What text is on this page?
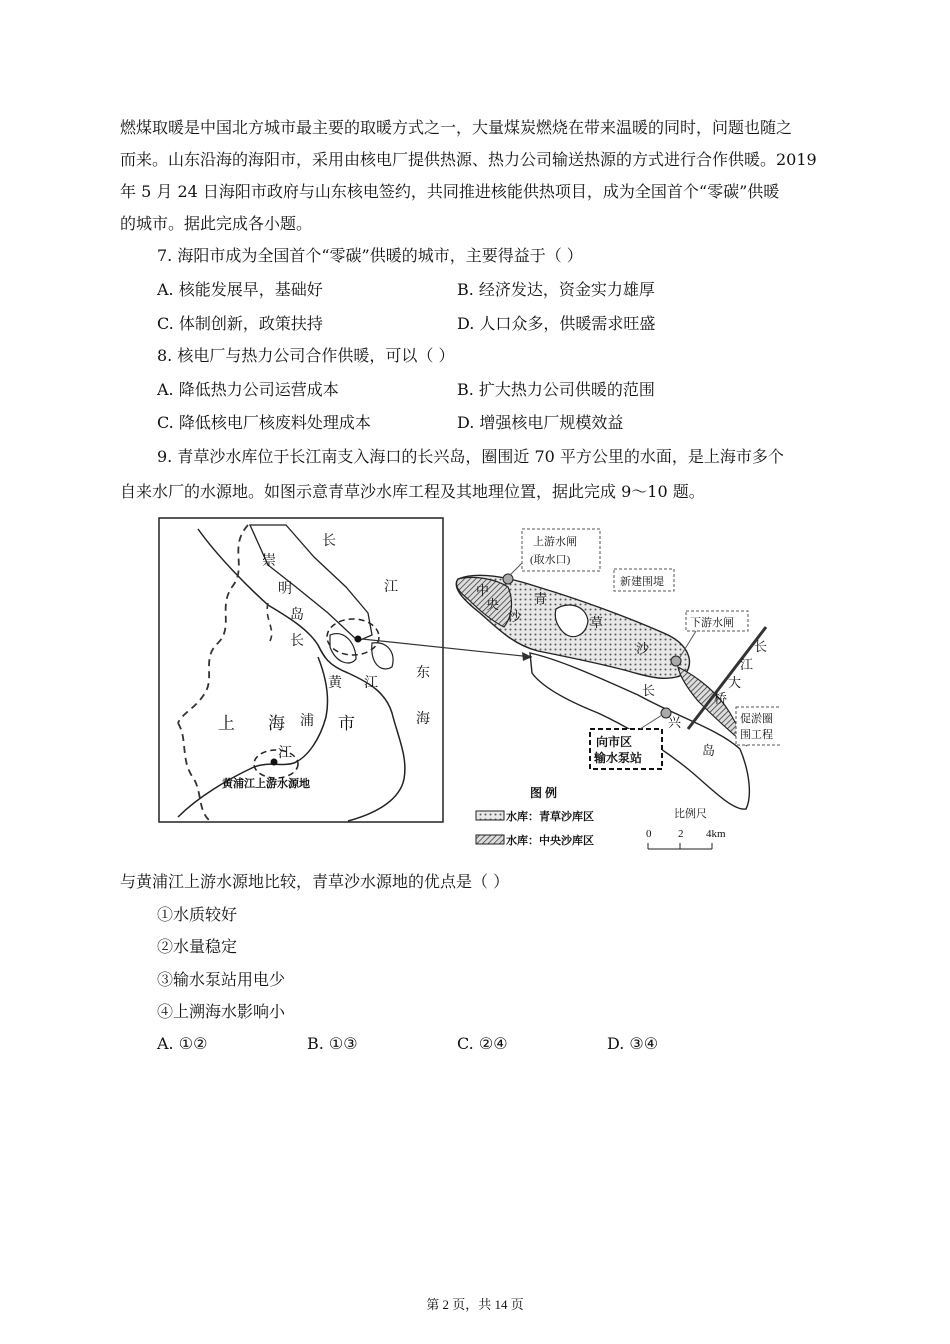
燃煤取暖是中国北方城市最主要的取暖方式之一，大量煤炭燃烧在带来温暖的同时，问题也随之
而来。山东沿海的海阳市，采用由核电厂提供热源、热力公司输送热源的方式进行合作供暖。2019
年 5 月 24 日海阳市政府与山东核电签约，共同推进核能供热项目，成为全国首个“零碳”供暖
的城市。据此完成各小题。
7. 海阳市成为全国首个“零碳”供暖的城市，主要得益于（ ）
A. 核能发展早，基础好	B. 经济发达，资金实力雄厚
C. 体制创新，政策扶持	D. 人口众多，供暖需求旺盛
8. 核电厂与热力公司合作供暖，可以（ ）
A. 降低热力公司运营成本	B. 扩大热力公司供暖的范围
C. 降低核电厂核废料处理成本	D. 增强核电厂规模效益
9. 青草沙水库位于长江南支入海口的长兴岛，圈围近 70 平方公里的水面，是上海市多个
自来水厂的水源地。如图示意青草沙水库工程及其地理位置，据此完成 9～10 题。
崇
明
岛
长
江
长
黄 江
浦
江
上 海	市
东
海
黄浦江上游水源地
上游水闸
(取水口)
新建围堤
下游水闸
促淤圈
围工程
向市区
输水泵站
中
央
沙
青
草
沙
长
兴
岛
长
江
大
桥
图 例
水库：青草沙库区
水库：中央沙库区
比例尺
0 2 4km
与黄浦江上游水源地比较，青草沙水源地的优点是（ ）
①水质较好
②水量稳定
③输水泵站用电少
④上溯海水影响小
A. ①②	B. ①③	C. ②④	D. ③④
第 2 页，共 14 页
